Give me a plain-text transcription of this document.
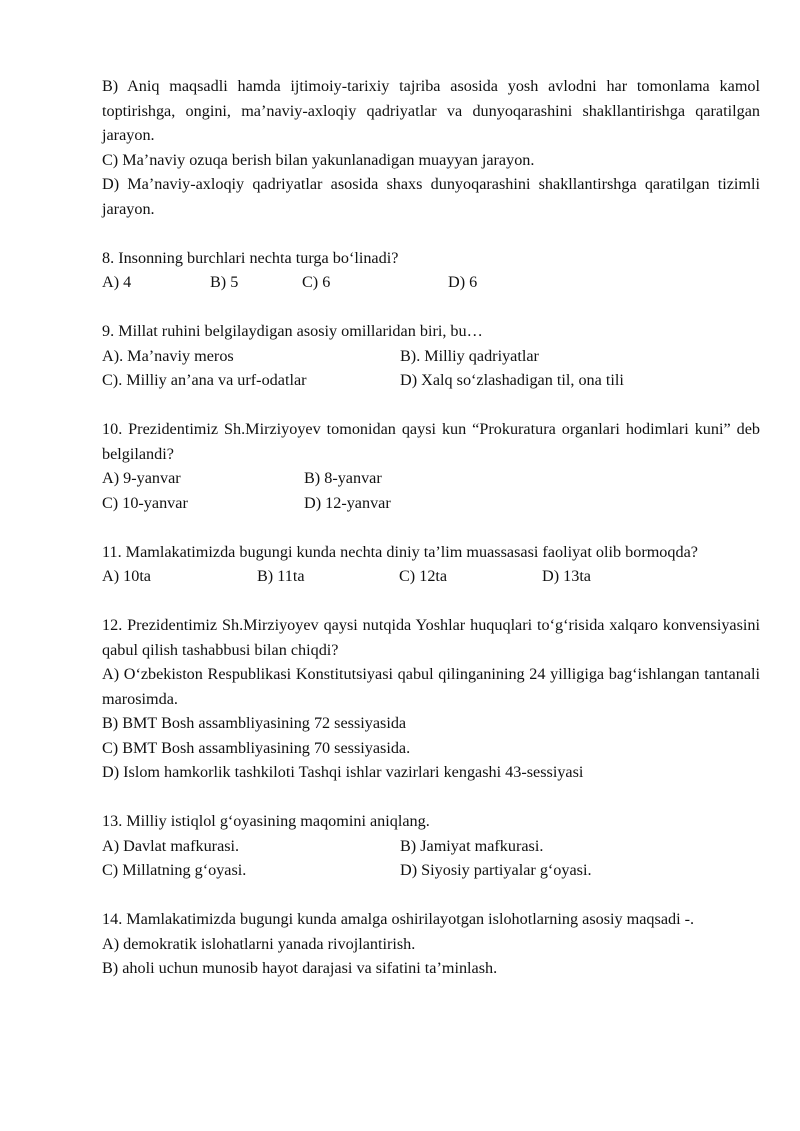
B) Aniq maqsadli hamda ijtimoiy-tarixiy tajriba asosida yosh avlodni har tomonlama kamol toptirishga, ongini, ma’naviy-axloqiy qadriyatlar va dunyoqarashini shakllantirishga qaratilgan jarayon.

C) Ma’naviy ozuqa berish bilan yakunlanadigan muayyan jarayon.

D) Ma’naviy-axloqiy qadriyatlar asosida shaxs dunyoqarashini shakllantirshga qaratilgan tizimli jarayon.

8. Insonning burchlari nechta turga bo‘linadi?

A) 4	B) 5	C) 6	D) 6

9. Millat ruhini belgilaydigan asosiy omillaridan biri, bu…

A). Ma’naviy meros	B). Milliy qadriyatlar
C). Milliy an’ana va urf-odatlar	D) Xalq so‘zlashadigan til, ona tili

10. Prezidentimiz Sh.Mirziyoyev tomonidan qaysi kun “Prokuratura organlari hodimlari kuni” deb belgilandi?

A) 9-yanvar	B) 8-yanvar
C) 10-yanvar	D) 12-yanvar

11. Mamlakatimizda bugungi kunda nechta diniy ta’lim muassasasi faoliyat olib bormoqda?

A) 10ta	B) 11ta	C) 12ta	D) 13ta

12. Prezidentimiz Sh.Mirziyoyev qaysi nutqida Yoshlar huquqlari to‘g‘risida xalqaro konvensiyasini qabul qilish tashabbusi bilan chiqdi?

A) O‘zbekiston Respublikasi Konstitutsiyasi qabul qilinganining 24 yilligiga bag‘ishlangan tantanali marosimda.

B) BMT Bosh assambliyasining 72 sessiyasida

C) BMT Bosh assambliyasining 70 sessiyasida.

D) Islom hamkorlik tashkiloti Tashqi ishlar vazirlari kengashi 43-sessiyasi

13. Milliy istiqlol g‘oyasining maqomini aniqlang.

A) Davlat mafkurasi.	B) Jamiyat mafkurasi.
C) Millatning g‘oyasi.	D) Siyosiy partiyalar g‘oyasi.

14. Mamlakatimizda bugungi kunda amalga oshirilayotgan islohotlarning asosiy maqsadi -.

A) demokratik islohatlarni yanada rivojlantirish.

B) aholi uchun munosib hayot darajasi va sifatini ta’minlash.
